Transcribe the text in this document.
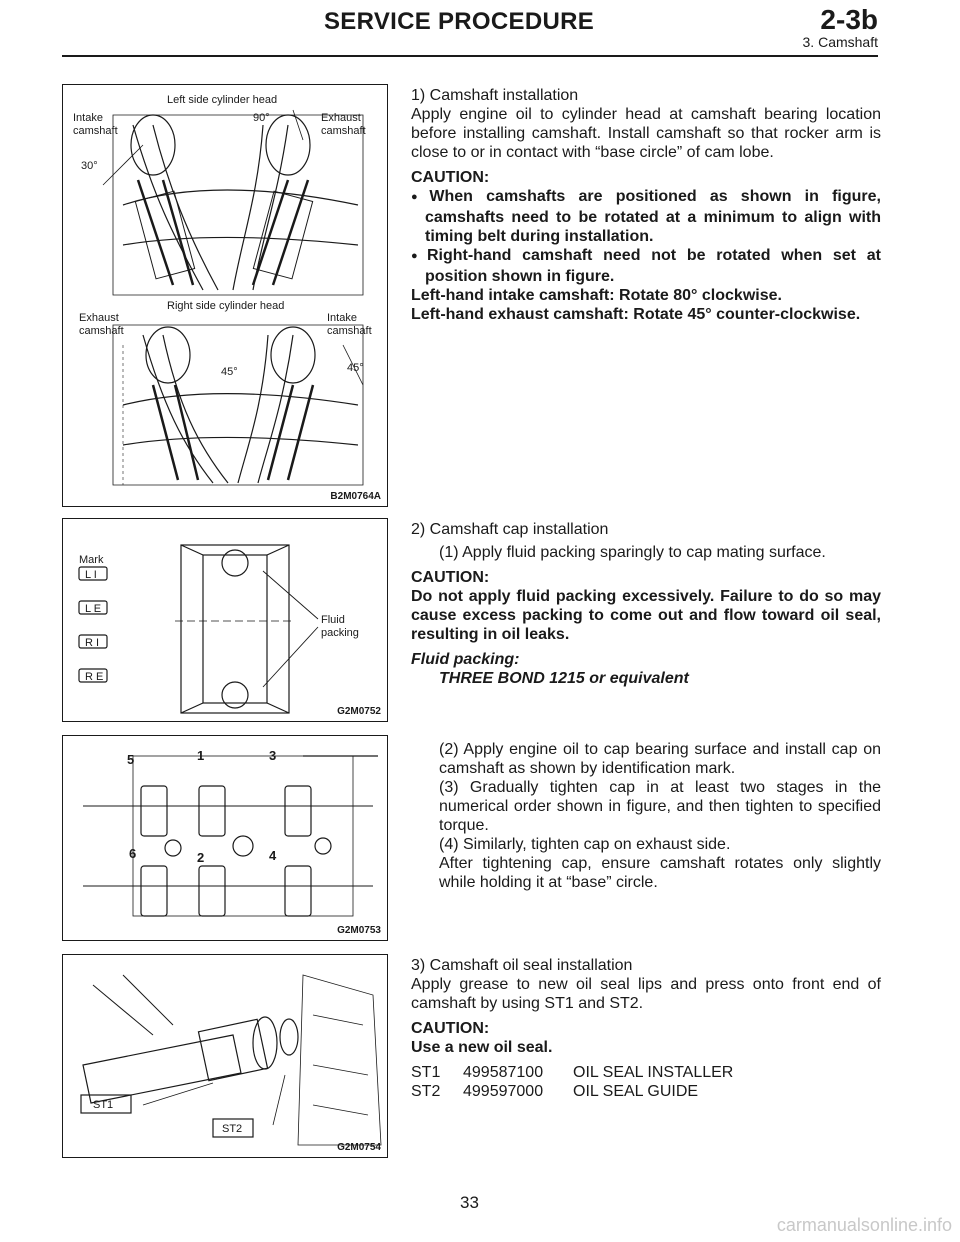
SERVICE PROCEDURE	2-3b
3. Camshaft
Left side cylinder head
Intake
camshaft
Exhaust
camshaft
90°
30°
Right side cylinder head
Exhaust
camshaft
Intake
camshaft
45°	45°
B2M0764A
Mark
L I
L E
R I
R E
Fluid
packing
G2M0752
5	1	3
6	2	4
G2M0753
ST1
ST2
G2M0754

1) Camshaft installation

Apply engine oil to cylinder head at camshaft bearing location before installing camshaft. Install camshaft so that rocker arm is close to or in contact with “base circle” of cam lobe.

CAUTION:

● When camshafts are positioned as shown in figure, camshafts need to be rotated at a minimum to align with timing belt during installation.

● Right-hand camshaft need not be rotated when set at position shown in figure.

Left-hand intake camshaft: Rotate 80° clockwise.

Left-hand exhaust camshaft: Rotate 45° counter-clockwise.

2) Camshaft cap installation

(1) Apply fluid packing sparingly to cap mating surface.

CAUTION:

Do not apply fluid packing excessively. Failure to do so may cause excess packing to come out and flow toward oil seal, resulting in oil leaks.

Fluid packing:

THREE BOND 1215 or equivalent

(2) Apply engine oil to cap bearing surface and install cap on camshaft as shown by identification mark.

(3) Gradually tighten cap in at least two stages in the numerical order shown in figure, and then tighten to specified torque.

(4) Similarly, tighten cap on exhaust side.

After tightening cap, ensure camshaft rotates only slightly while holding it at “base” circle.

3) Camshaft oil seal installation

Apply grease to new oil seal lips and press onto front end of camshaft by using ST1 and ST2.

CAUTION:

Use a new oil seal.

ST1	499587100	OIL SEAL INSTALLER
ST2	499597000	OIL SEAL GUIDE
33
carmanualsonline.info
